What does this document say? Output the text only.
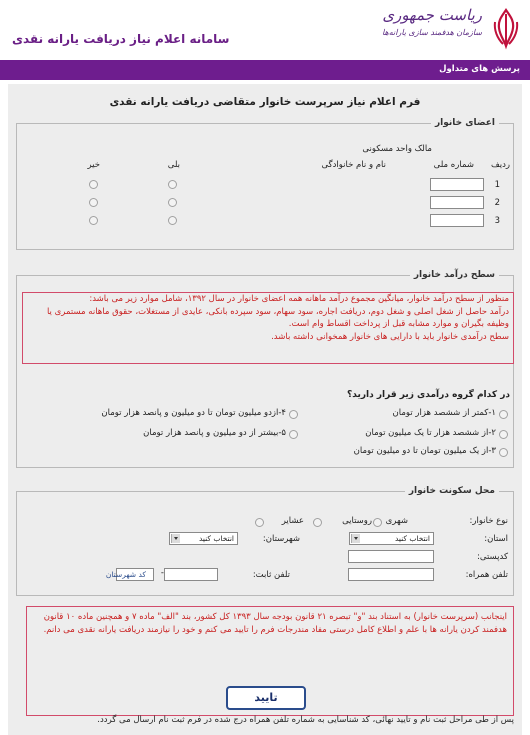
ریاست جمهوری
سازمان هدفمند سازی یارانه‌ها
سامانه اعلام نیاز دریافت یارانه نقدی
پرسش های متداول
فرم اعلام نیاز سرپرست خانوار متقاضی دریافت یارانه نقدی
اعضای خانوار
مالک واحد مسکونی
ردیف
شماره ملی
نام و نام خانوادگی
بلی
خیر
1
2
3
سطح درآمد خانوار
منظور از سطح درآمد خانوار، میانگین مجموع درآمد ماهانه همه اعضای خانوار در سال ۱۳۹۲، شامل موارد زیر می باشد:
درآمد حاصل از شغل اصلی و شغل دوم، دریافت اجاره، سود سهام، سود سپرده بانکی، عایدی از مستغلات، حقوق ماهانه مستمری یا وظیفه بگیران و موارد مشابه قبل از پرداخت اقساط وام است.
سطح درآمدی خانوار باید با دارایی های خانوار همخوانی داشته باشد.
در کدام گروه درآمدی زیر قرار دارید؟
۱-کمتر از ششصد هزار تومان
۴-ازدو میلیون تومان تا دو میلیون و پانصد هزار تومان
۲-از ششصد هزار تا یک میلیون تومان
۵-بیشتر از دو میلیون و پانصد هزار تومان
۳-از یک میلیون تومان تا دو میلیون تومان
محل سکونت خانوار
نوع خانوار:
شهری
روستایی
عشایر
استان:
انتخاب کنید
شهرستان:
انتخاب کنید
کدپستی:
تلفن همراه:
تلفن ثابت:
-
کد شهرستان
اینجانب (سرپرست خانوار) به استناد بند "و" تبصره ۲۱ قانون بودجه سال ۱۳۹۳ کل کشور، بند "الف" ماده ۷ و همچنین ماده ۱۰ قانون هدفمند کردن یارانه ها با علم و اطلاع کامل درستی مفاد مندرجات فرم را تایید می کنم و خود را نیازمند دریافت یارانه نقدی می دانم.
تایید
پس از طی مراحل ثبت نام و تایید نهائی، کد شناسایی به شماره تلفن همراه درج شده در فرم ثبت نام ارسال می گردد.
